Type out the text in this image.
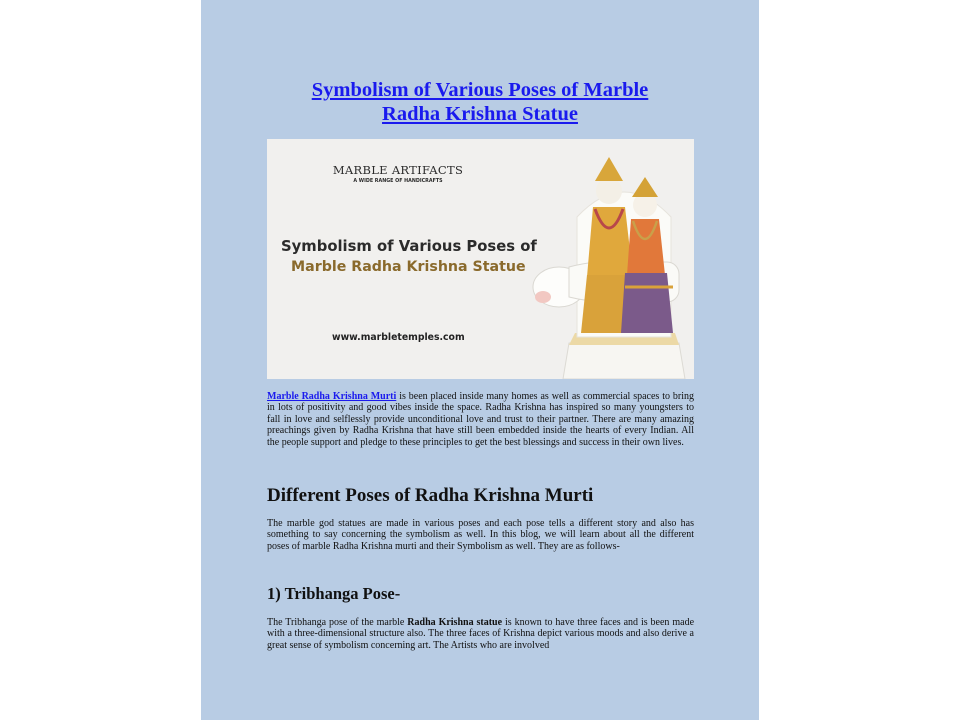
Symbolism of Various Poses of Marble
Radha Krishna Statue
MARBLE ARTIFACTS
A WIDE RANGE OF HANDICRAFTS
Symbolism of Various Poses of
Marble Radha Krishna Statue
www.marbletemples.com

Marble Radha Krishna Murti is been placed inside many homes as well as commercial spaces to bring in lots of positivity and good vibes inside the space. Radha Krishna has inspired so many youngsters to fall in love and selflessly provide unconditional love and trust to their partner. There are many amazing preachings given by Radha Krishna that have still been embedded inside the hearts of every Indian. All the people support and pledge to these principles to get the best blessings and success in their own lives.

Different Poses of Radha Krishna Murti

The marble god statues are made in various poses and each pose tells a different story and also has something to say concerning the symbolism as well. In this blog, we will learn about all the different poses of marble Radha Krishna murti and their Symbolism as well. They are as follows-

1) Tribhanga Pose-

The Tribhanga pose of the marble Radha Krishna statue is known to have three faces and is been made with a three-dimensional structure also. The three faces of Krishna depict various moods and also derive a great sense of symbolism concerning art. The Artists who are involved
